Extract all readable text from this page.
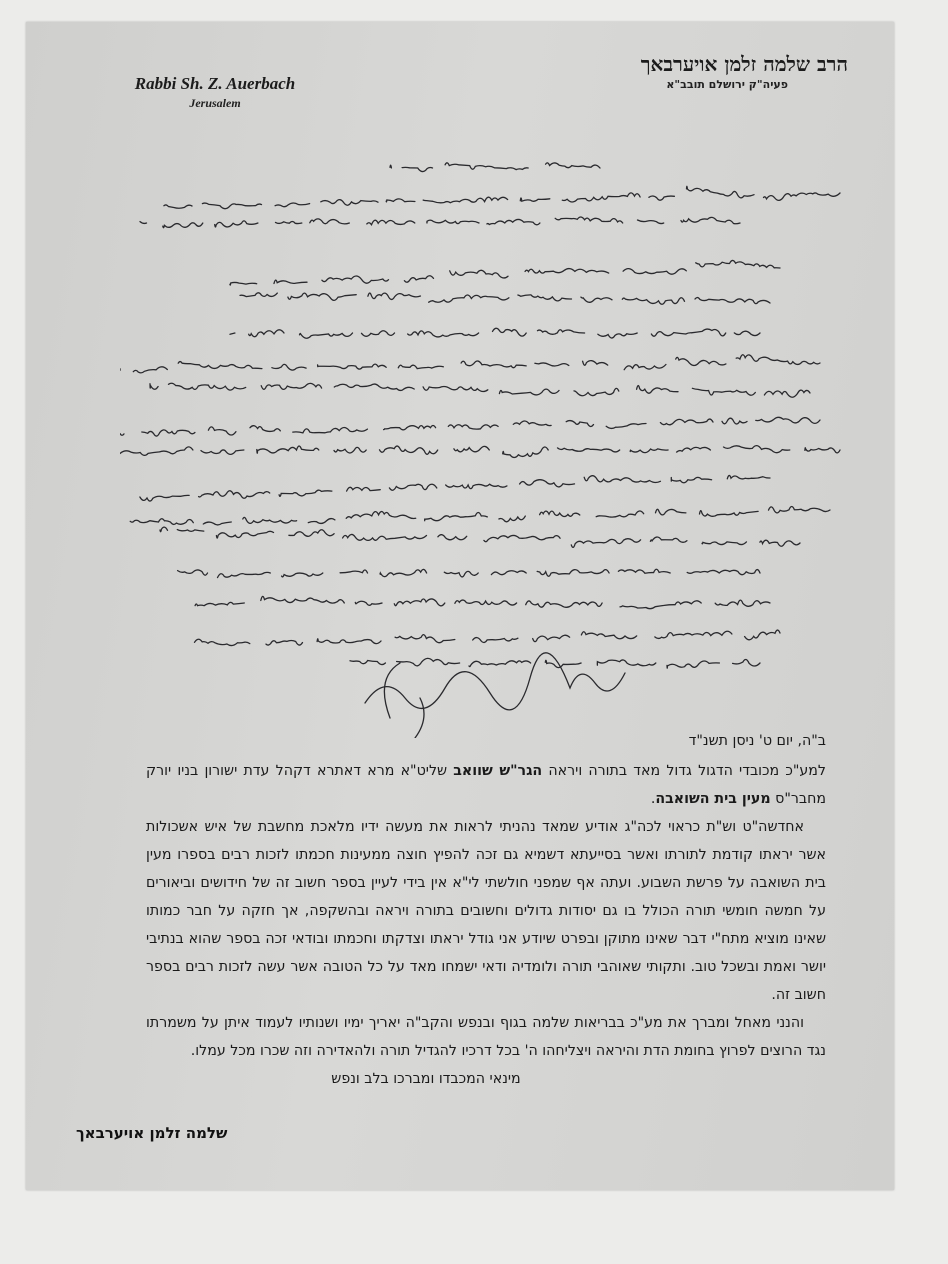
הרב שלמה זלמן אויערבאך
פעיה"ק ירושלם תובב"א
Rabbi Sh. Z. Auerbach
Jerusalem

ב"ה, יום ט' ניסן תשנ"ד

למע"כ מכובדי הדגול גדול מאד בתורה ויראה הגר"ש שוואב שליט"א מרא דאתרא דקהל עדת ישורון בניו יורק מחבר"ס מעין בית השואבה.

אחדשה"ט וש"ת כראוי לכה"ג אודיע שמאד נהניתי לראות את מעשה ידיו מלאכת מחשבת של איש אשכולות אשר יראתו קודמת לתורתו ואשר בסייעתא דשמיא גם זכה להפיץ חוצה ממעינות חכמתו לזכות רבים בספרו מעין בית השואבה על פרשת השבוע. ועתה אף שמפני חולשתי לי"א אין בידי לעיין בספר חשוב זה של חידושים וביאורים על חמשה חומשי תורה הכולל בו גם יסודות גדולים וחשובים בתורה ויראה ובהשקפה, אך חזקה על חבר כמותו שאינו מוציא מתח"י דבר שאינו מתוקן ובפרט שיודע אני גודל יראתו וצדקתו וחכמתו ובודאי זכה בספר שהוא בנתיבי יושר ואמת ובשכל טוב. ותקותי שאוהבי תורה ולומדיה ודאי ישמחו מאד על כל הטובה אשר עשה לזכות רבים בספר חשוב זה.

והנני מאחל ומברך את מע"כ בבריאות שלמה בגוף ובנפש והקב"ה יאריך ימיו ושנותיו לעמוד איתן על משמרתו נגד הרוצים לפרוץ בחומת הדת והיראה ויצליחהו ה' בכל דרכיו להגדיל תורה ולהאדירה וזה שכרו מכל עמלו.

מינאי המכבדו ומברכו בלב ונפש

שלמה זלמן אויערבאך
